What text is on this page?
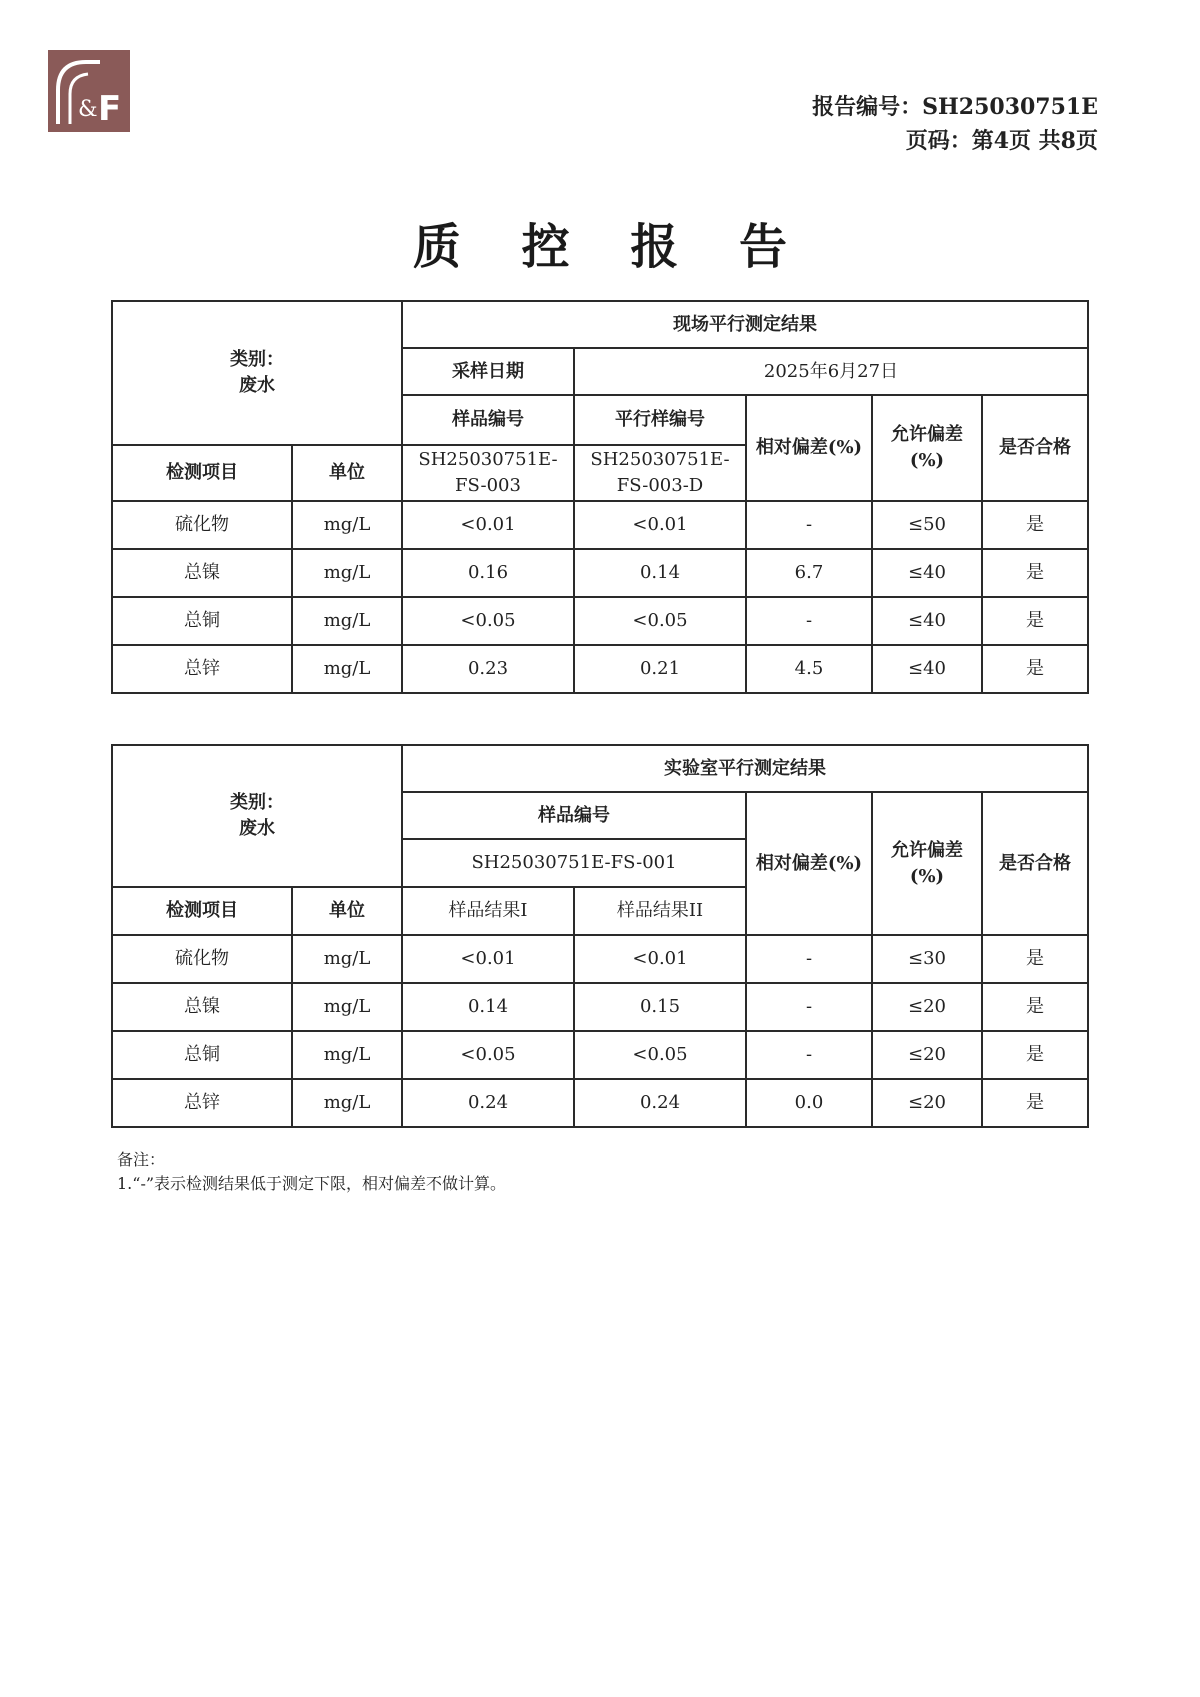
& F	报告编号：SH25030751E
页码：第4页 共8页
质 控 报 告
类别：
废水		现场平行测定结果				
		采样日期	2025年6月27日			
		样品编号	平行样编号	相对偏差(%)	允许偏差(%)	是否合格
检测项目	单位	SH25030751E-FS-003	SH25030751E-FS-003-D			
硫化物	mg/L	<0.01	<0.01	-	≤50	是
总镍	mg/L	0.16	0.14	6.7	≤40	是
总铜	mg/L	<0.05	<0.05	-	≤40	是
总锌	mg/L	0.23	0.21	4.5	≤40	是
类别：
废水		实验室平行测定结果				
		样品编号		相对偏差(%)	允许偏差(%)	是否合格
		SH25030751E-FS-001				
检测项目	单位	样品结果I	样品结果II			
硫化物	mg/L	<0.01	<0.01	-	≤30	是
总镍	mg/L	0.14	0.15	-	≤20	是
总铜	mg/L	<0.05	<0.05	-	≤20	是
总锌	mg/L	0.24	0.24	0.0	≤20	是
备注：
1.“-”表示检测结果低于测定下限，相对偏差不做计算。
